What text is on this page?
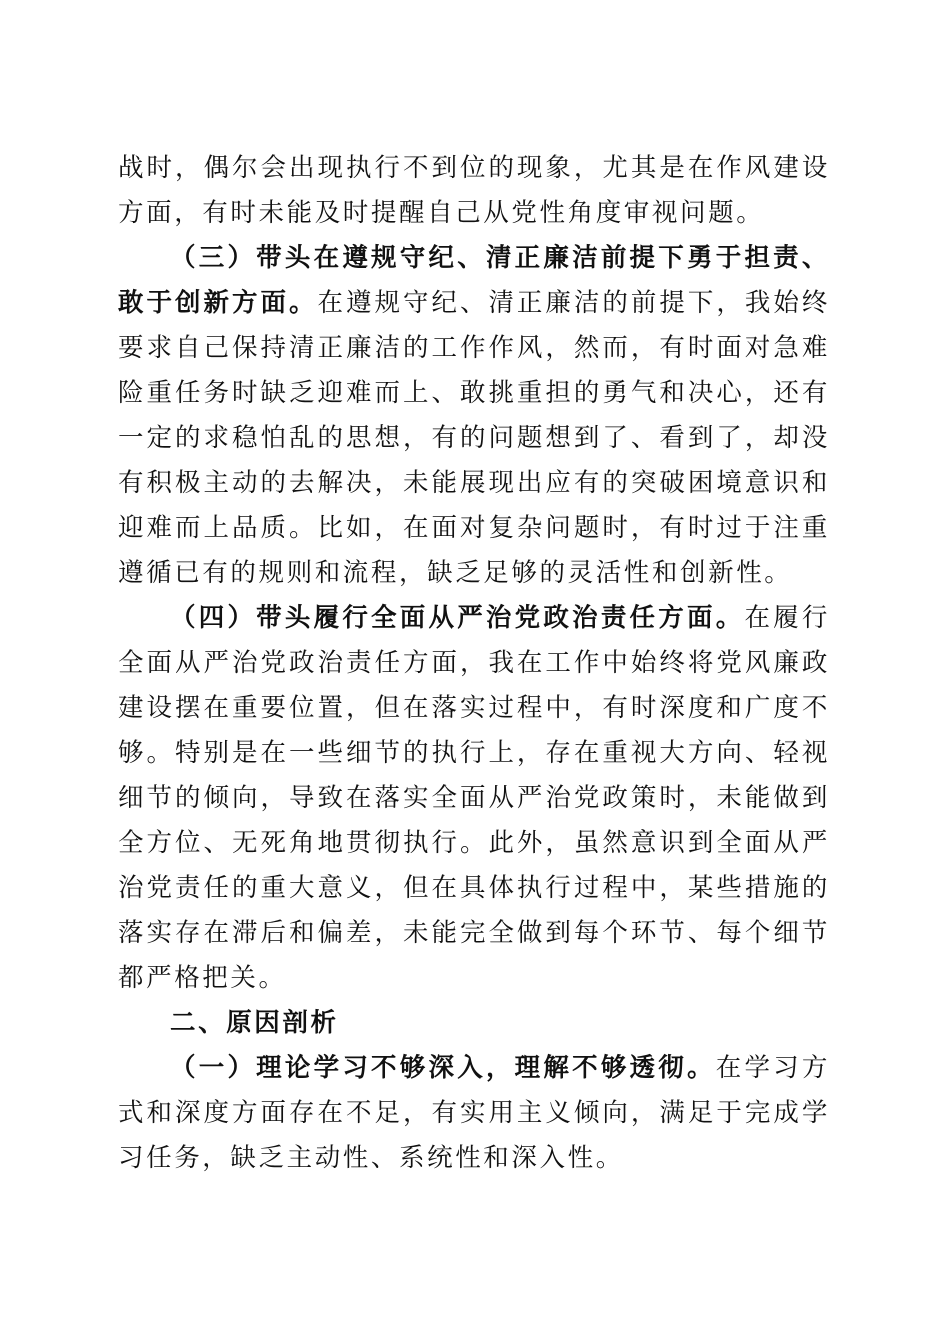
战时，偶尔会出现执行不到位的现象，尤其是在作风建设方面，有时未能及时提醒自己从党性角度审视问题。

（三）带头在遵规守纪、清正廉洁前提下勇于担责、敢于创新方面。在遵规守纪、清正廉洁的前提下，我始终要求自己保持清正廉洁的工作作风，然而，有时面对急难险重任务时缺乏迎难而上、敢挑重担的勇气和决心，还有一定的求稳怕乱的思想，有的问题想到了、看到了，却没有积极主动的去解决，未能展现出应有的突破困境意识和迎难而上品质。比如，在面对复杂问题时，有时过于注重遵循已有的规则和流程，缺乏足够的灵活性和创新性。

（四）带头履行全面从严治党政治责任方面。在履行全面从严治党政治责任方面，我在工作中始终将党风廉政建设摆在重要位置，但在落实过程中，有时深度和广度不够。特别是在一些细节的执行上，存在重视大方向、轻视细节的倾向，导致在落实全面从严治党政策时，未能做到全方位、无死角地贯彻执行。此外，虽然意识到全面从严治党责任的重大意义，但在具体执行过程中，某些措施的落实存在滞后和偏差，未能完全做到每个环节、每个细节都严格把关。

二、原因剖析

（一）理论学习不够深入，理解不够透彻。在学习方式和深度方面存在不足，有实用主义倾向，满足于完成学习任务，缺乏主动性、系统性和深入性。
